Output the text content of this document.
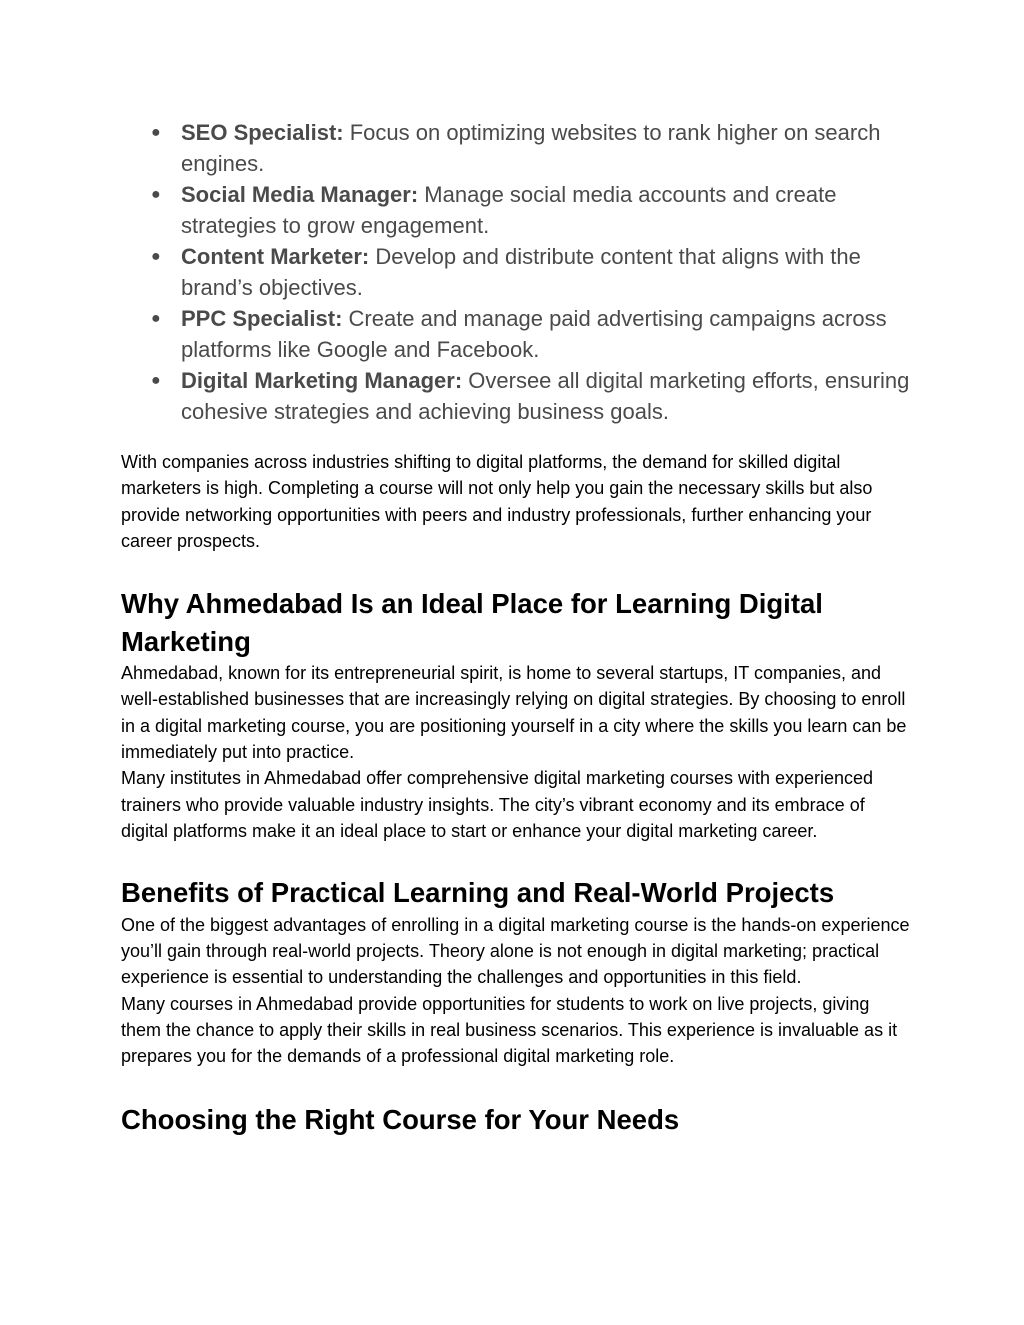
● SEO Specialist: Focus on optimizing websites to rank higher on search engines.
● Social Media Manager: Manage social media accounts and create strategies to grow engagement.
● Content Marketer: Develop and distribute content that aligns with the brand’s objectives.
● PPC Specialist: Create and manage paid advertising campaigns across platforms like Google and Facebook.
● Digital Marketing Manager: Oversee all digital marketing efforts, ensuring cohesive strategies and achieving business goals.

With companies across industries shifting to digital platforms, the demand for skilled digital marketers is high. Completing a course will not only help you gain the necessary skills but also provide networking opportunities with peers and industry professionals, further enhancing your career prospects.

Why Ahmedabad Is an Ideal Place for Learning Digital Marketing

Ahmedabad, known for its entrepreneurial spirit, is home to several startups, IT companies, and well-established businesses that are increasingly relying on digital strategies. By choosing to enroll in a digital marketing course, you are positioning yourself in a city where the skills you learn can be immediately put into practice.

Many institutes in Ahmedabad offer comprehensive digital marketing courses with experienced trainers who provide valuable industry insights. The city’s vibrant economy and its embrace of digital platforms make it an ideal place to start or enhance your digital marketing career.

Benefits of Practical Learning and Real-World Projects

One of the biggest advantages of enrolling in a digital marketing course is the hands-on experience you’ll gain through real-world projects. Theory alone is not enough in digital marketing; practical experience is essential to understanding the challenges and opportunities in this field.

Many courses in Ahmedabad provide opportunities for students to work on live projects, giving them the chance to apply their skills in real business scenarios. This experience is invaluable as it prepares you for the demands of a professional digital marketing role.

Choosing the Right Course for Your Needs
